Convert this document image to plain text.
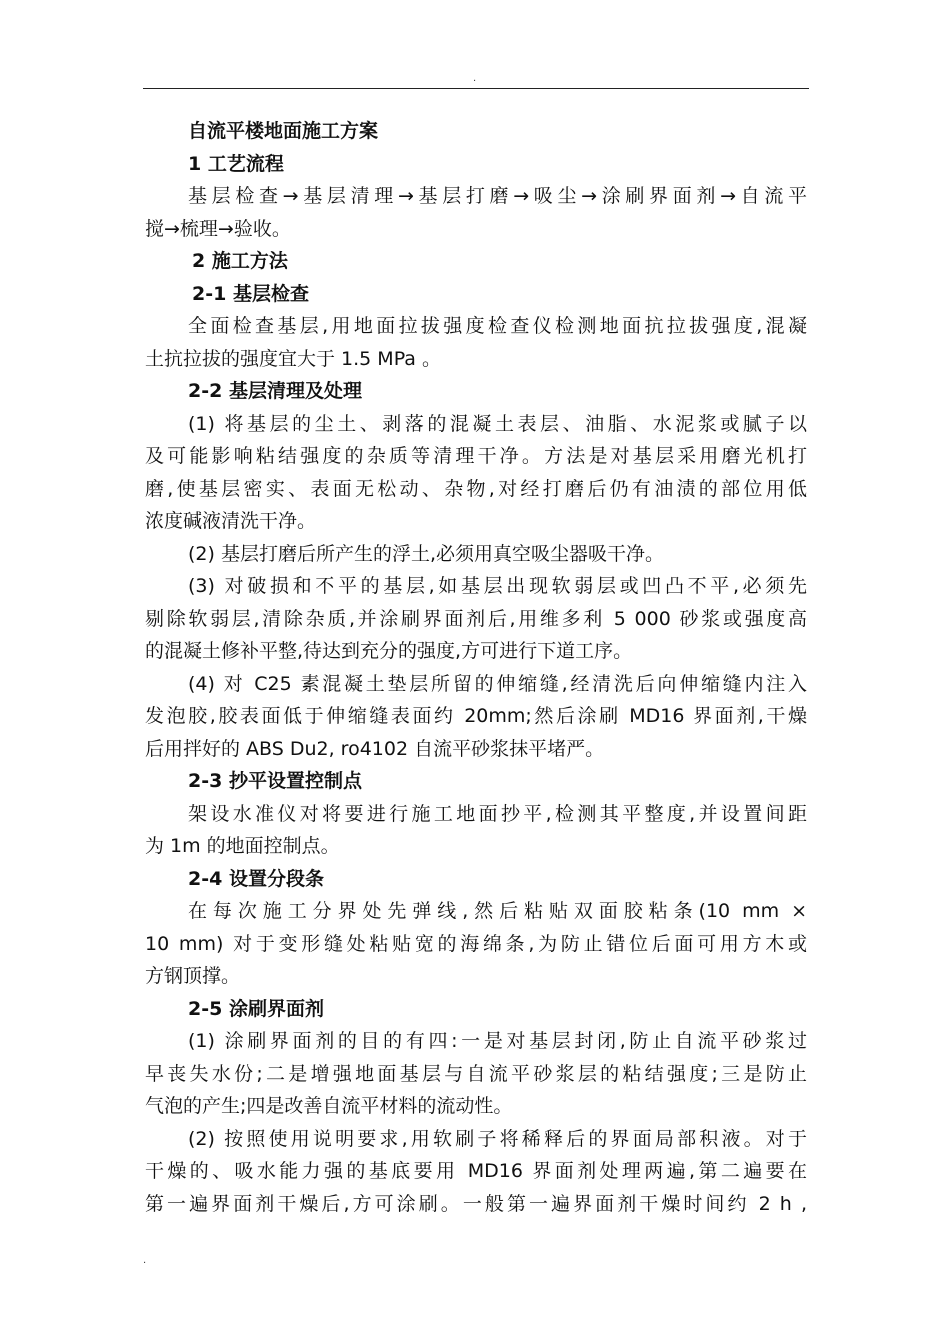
.
自流平楼地面施工方案
1 工艺流程
基层检查→基层清理→基层打磨→吸尘→涂刷界面剂→自流平
搅→梳理→验收。
2 施工方法
2-1 基层检查
全面检查基层,用地面拉拔强度检查仪检测地面抗拉拔强度,混凝
土抗拉拔的强度宜大于 1.5 MPa 。
2-2 基层清理及处理
(1) 将基层的尘土、剥落的混凝土表层、油脂、水泥浆或腻子以
及可能影响粘结强度的杂质等清理干净。方法是对基层采用磨光机打
磨,使基层密实、表面无松动、杂物,对经打磨后仍有油渍的部位用低
浓度碱液清洗干净。
(2) 基层打磨后所产生的浮土,必须用真空吸尘器吸干净。
(3) 对破损和不平的基层,如基层出现软弱层或凹凸不平,必须先
剔除软弱层,清除杂质,并涂刷界面剂后,用维多利 5 000 砂浆或强度高
的混凝土修补平整,待达到充分的强度,方可进行下道工序。
(4) 对 C25 素混凝土垫层所留的伸缩缝,经清洗后向伸缩缝内注入
发泡胶,胶表面低于伸缩缝表面约 20mm;然后涂刷 MD16 界面剂,干燥
后用拌好的 ABS Du2, ro4102 自流平砂浆抹平堵严。
2-3 抄平设置控制点
架设水准仪对将要进行施工地面抄平,检测其平整度,并设置间距
为 1m 的地面控制点。
2-4 设置分段条
在每次施工分界处先弹线,然后粘贴双面胶粘条(10 mm ×
10 mm) 对于变形缝处粘贴宽的海绵条,为防止错位后面可用方木或
方钢顶撑。
2-5 涂刷界面剂
(1) 涂刷界面剂的目的有四:一是对基层封闭,防止自流平砂浆过
早丧失水份;二是增强地面基层与自流平砂浆层的粘结强度;三是防止
气泡的产生;四是改善自流平材料的流动性。
(2) 按照使用说明要求,用软刷子将稀释后的界面局部积液。对于
干燥的、吸水能力强的基底要用 MD16 界面剂处理两遍,第二遍要在
第一遍界面剂干燥后,方可涂刷。一般第一遍界面剂干燥时间约 2 h ,
.
